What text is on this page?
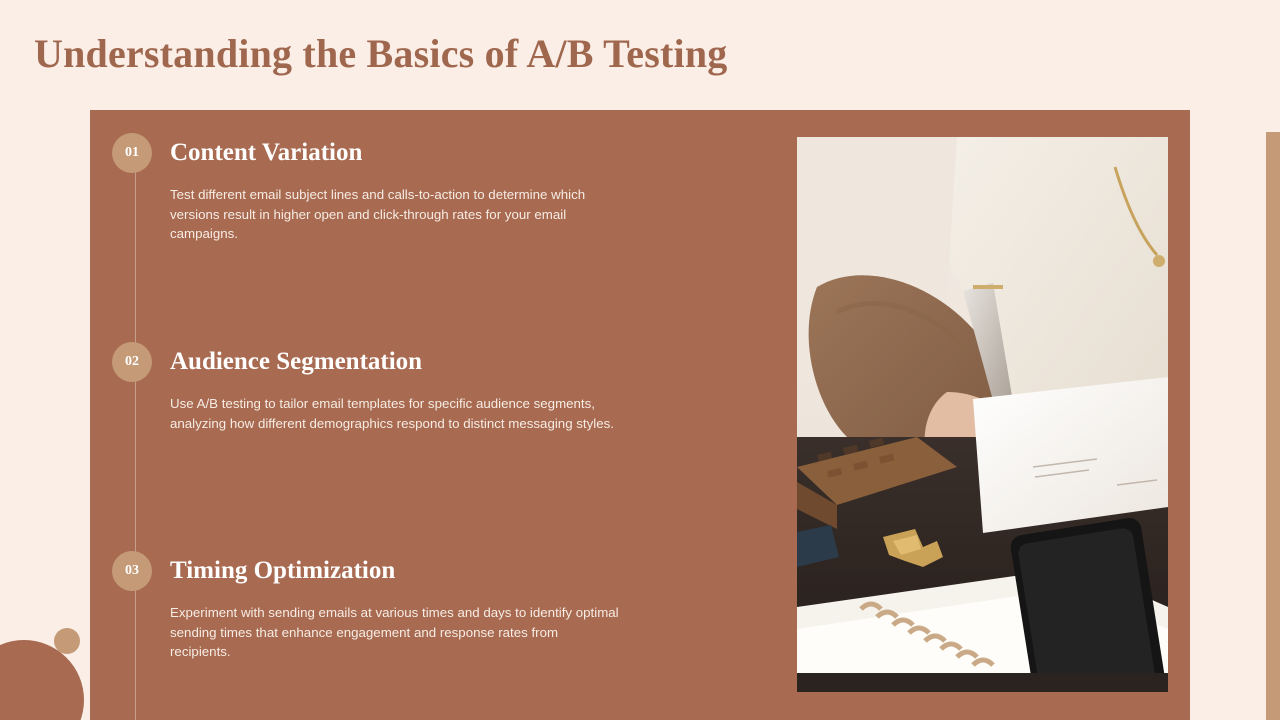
Understanding the Basics of A/B Testing
01	Content Variation
Test different email subject lines and calls-to-action to determine which versions result in higher open and click-through rates for your email campaigns.
02	Audience Segmentation
Use A/B testing to tailor email templates for specific audience segments, analyzing how different demographics respond to distinct messaging styles.
03	Timing Optimization
Experiment with sending emails at various times and days to identify optimal sending times that enhance engagement and response rates from recipients.
